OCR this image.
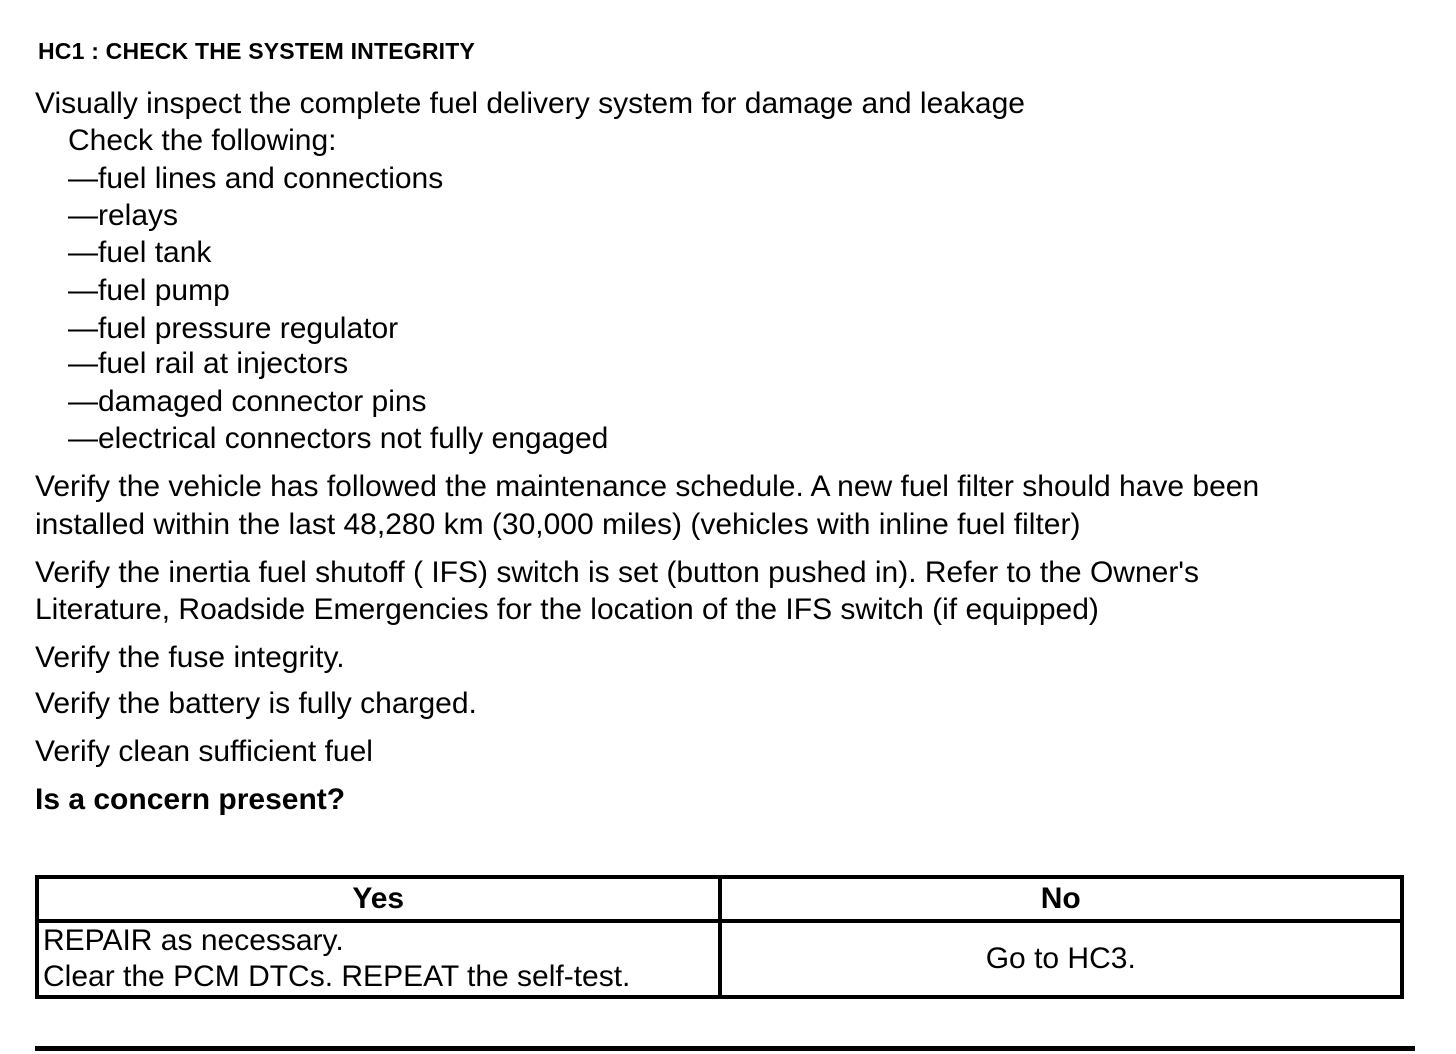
HC1 : CHECK THE SYSTEM INTEGRITY
Visually inspect the complete fuel delivery system for damage and leakage
Check the following:
—fuel lines and connections
—relays
—fuel tank
—fuel pump
—fuel pressure regulator
—fuel rail at injectors
—damaged connector pins
—electrical connectors not fully engaged
Verify the vehicle has followed the maintenance schedule. A new fuel filter should have been
installed within the last 48,280 km (30,000 miles) (vehicles with inline fuel filter)
Verify the inertia fuel shutoff ( IFS) switch is set (button pushed in). Refer to the Owner's
Literature, Roadside Emergencies for the location of the IFS switch (if equipped)
Verify the fuse integrity.
Verify the battery is fully charged.
Verify clean sufficient fuel
Is a concern present?
Yes	No

REPAIR as necessary.
Clear the PCM DTCs. REPEAT the self-test.	Go to HC3.
